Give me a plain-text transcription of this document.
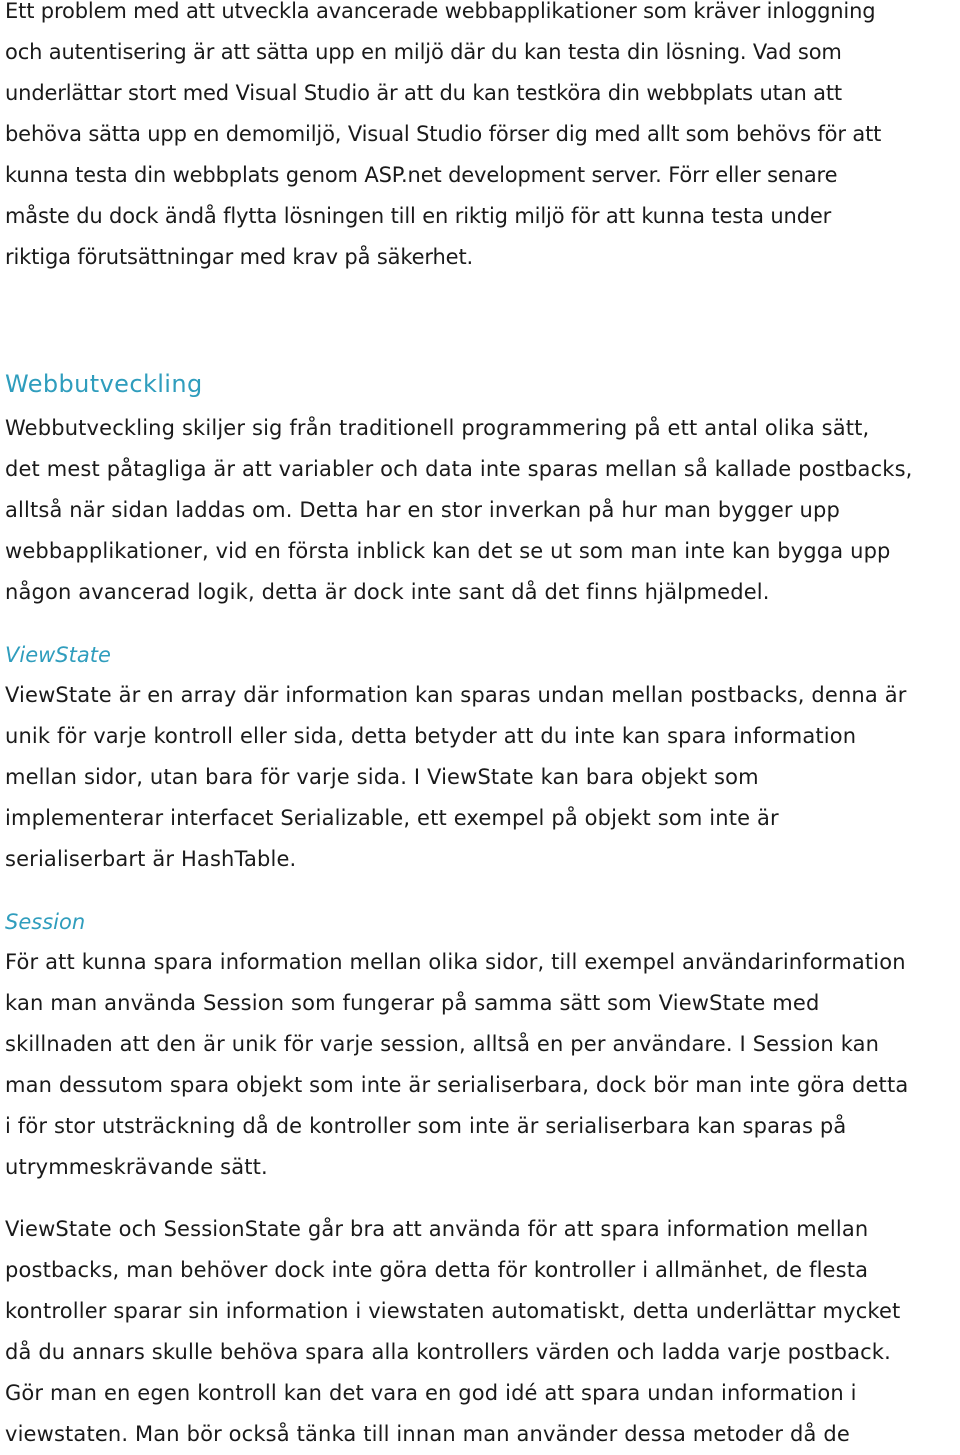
Ett problem med att utveckla avancerade webbapplikationer som kräver inloggning
och autentisering är att sätta upp en miljö där du kan testa din lösning. Vad som
underlättar stort med Visual Studio är att du kan testköra din webbplats utan att
behöva sätta upp en demomiljö, Visual Studio förser dig med allt som behövs för att
kunna testa din webbplats genom ASP.net development server. Förr eller senare
måste du dock ändå flytta lösningen till en riktig miljö för att kunna testa under
riktiga förutsättningar med krav på säkerhet.

Webbutveckling

Webbutveckling skiljer sig från traditionell programmering på ett antal olika sätt,
det mest påtagliga är att variabler och data inte sparas mellan så kallade postbacks,
alltså när sidan laddas om. Detta har en stor inverkan på hur man bygger upp
webbapplikationer, vid en första inblick kan det se ut som man inte kan bygga upp
någon avancerad logik, detta är dock inte sant då det finns hjälpmedel.

ViewState

ViewState är en array där information kan sparas undan mellan postbacks, denna är
unik för varje kontroll eller sida, detta betyder att du inte kan spara information
mellan sidor, utan bara för varje sida. I ViewState kan bara objekt som
implementerar interfacet Serializable, ett exempel på objekt som inte är
serialiserbart är HashTable.

Session

För att kunna spara information mellan olika sidor, till exempel användarinformation
kan man använda Session som fungerar på samma sätt som ViewState med
skillnaden att den är unik för varje session, alltså en per användare. I Session kan
man dessutom spara objekt som inte är serialiserbara, dock bör man inte göra detta
i för stor utsträckning då de kontroller som inte är serialiserbara kan sparas på
utrymmeskrävande sätt.

ViewState och SessionState går bra att använda för att spara information mellan
postbacks, man behöver dock inte göra detta för kontroller i allmänhet, de flesta
kontroller sparar sin information i viewstaten automatiskt, detta underlättar mycket
då du annars skulle behöva spara alla kontrollers värden och ladda varje postback.
Gör man en egen kontroll kan det vara en god idé att spara undan information i
viewstaten. Man bör också tänka till innan man använder dessa metoder då de
